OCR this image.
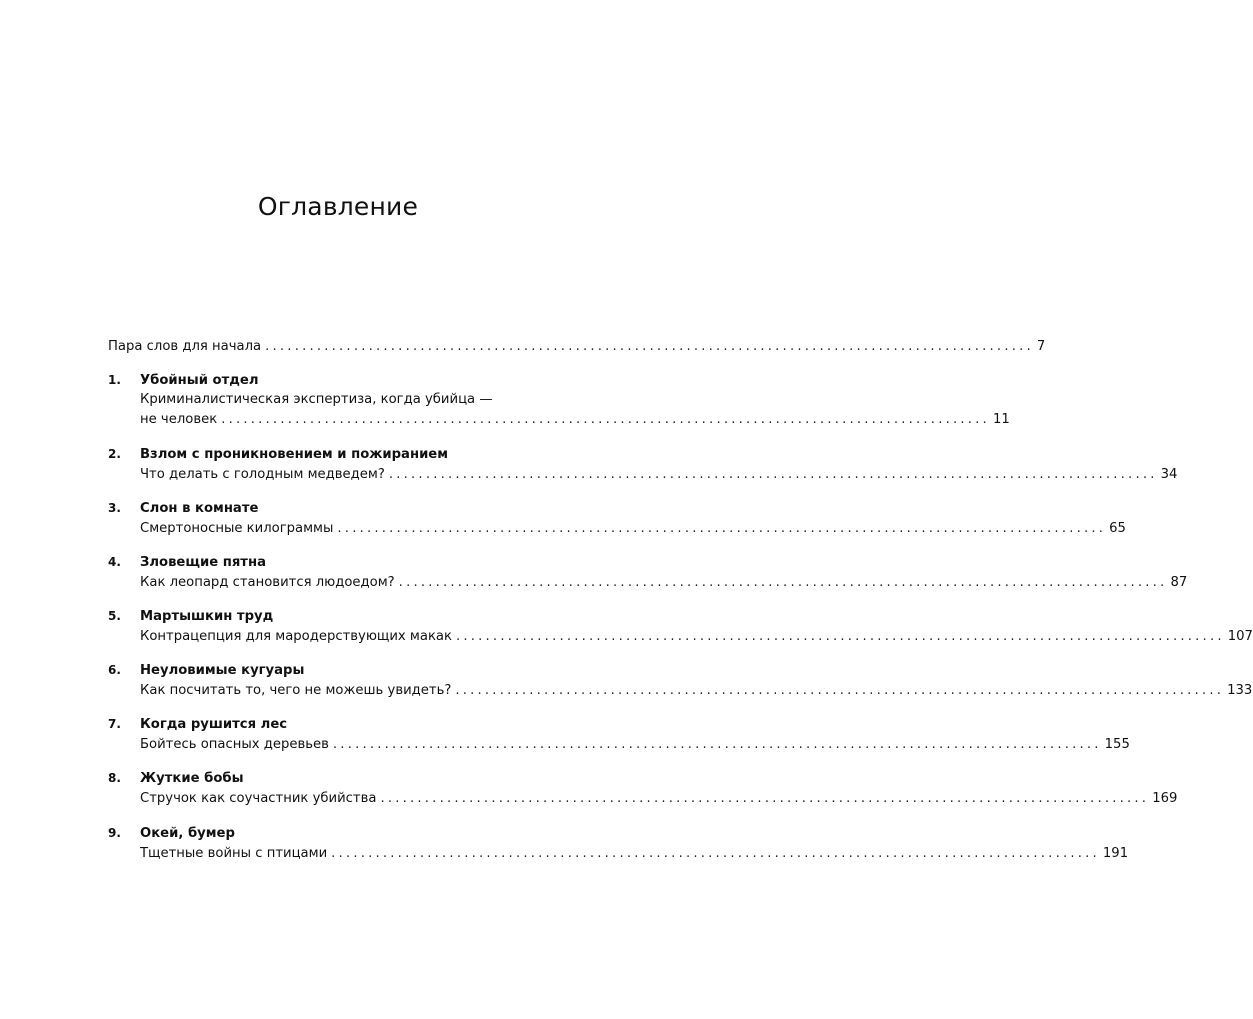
Оглавление
Пара слов для начала ........................................................................................................ 7
1. Убойный отдел
Криминалистическая экспертиза, когда убийца —
не человек ........................................................................................................ 11
2. Взлом с проникновением и пожиранием
Что делать с голодным медведем? ........................................................................................................ 34
3. Слон в комнате
Смертоносные килограммы ........................................................................................................ 65
4. Зловещие пятна
Как леопард становится людоедом? ........................................................................................................ 87
5. Мартышкин труд
Контрацепция для мародерствующих макак ........................................................................................................ 107
6. Неуловимые кугуары
Как посчитать то, чего не можешь увидеть? ........................................................................................................ 133
7. Когда рушится лес
Бойтесь опасных деревьев ........................................................................................................ 155
8. Жуткие бобы
Стручок как соучастник убийства ........................................................................................................ 169
9. Окей, бумер
Тщетные войны с птицами ........................................................................................................ 191
